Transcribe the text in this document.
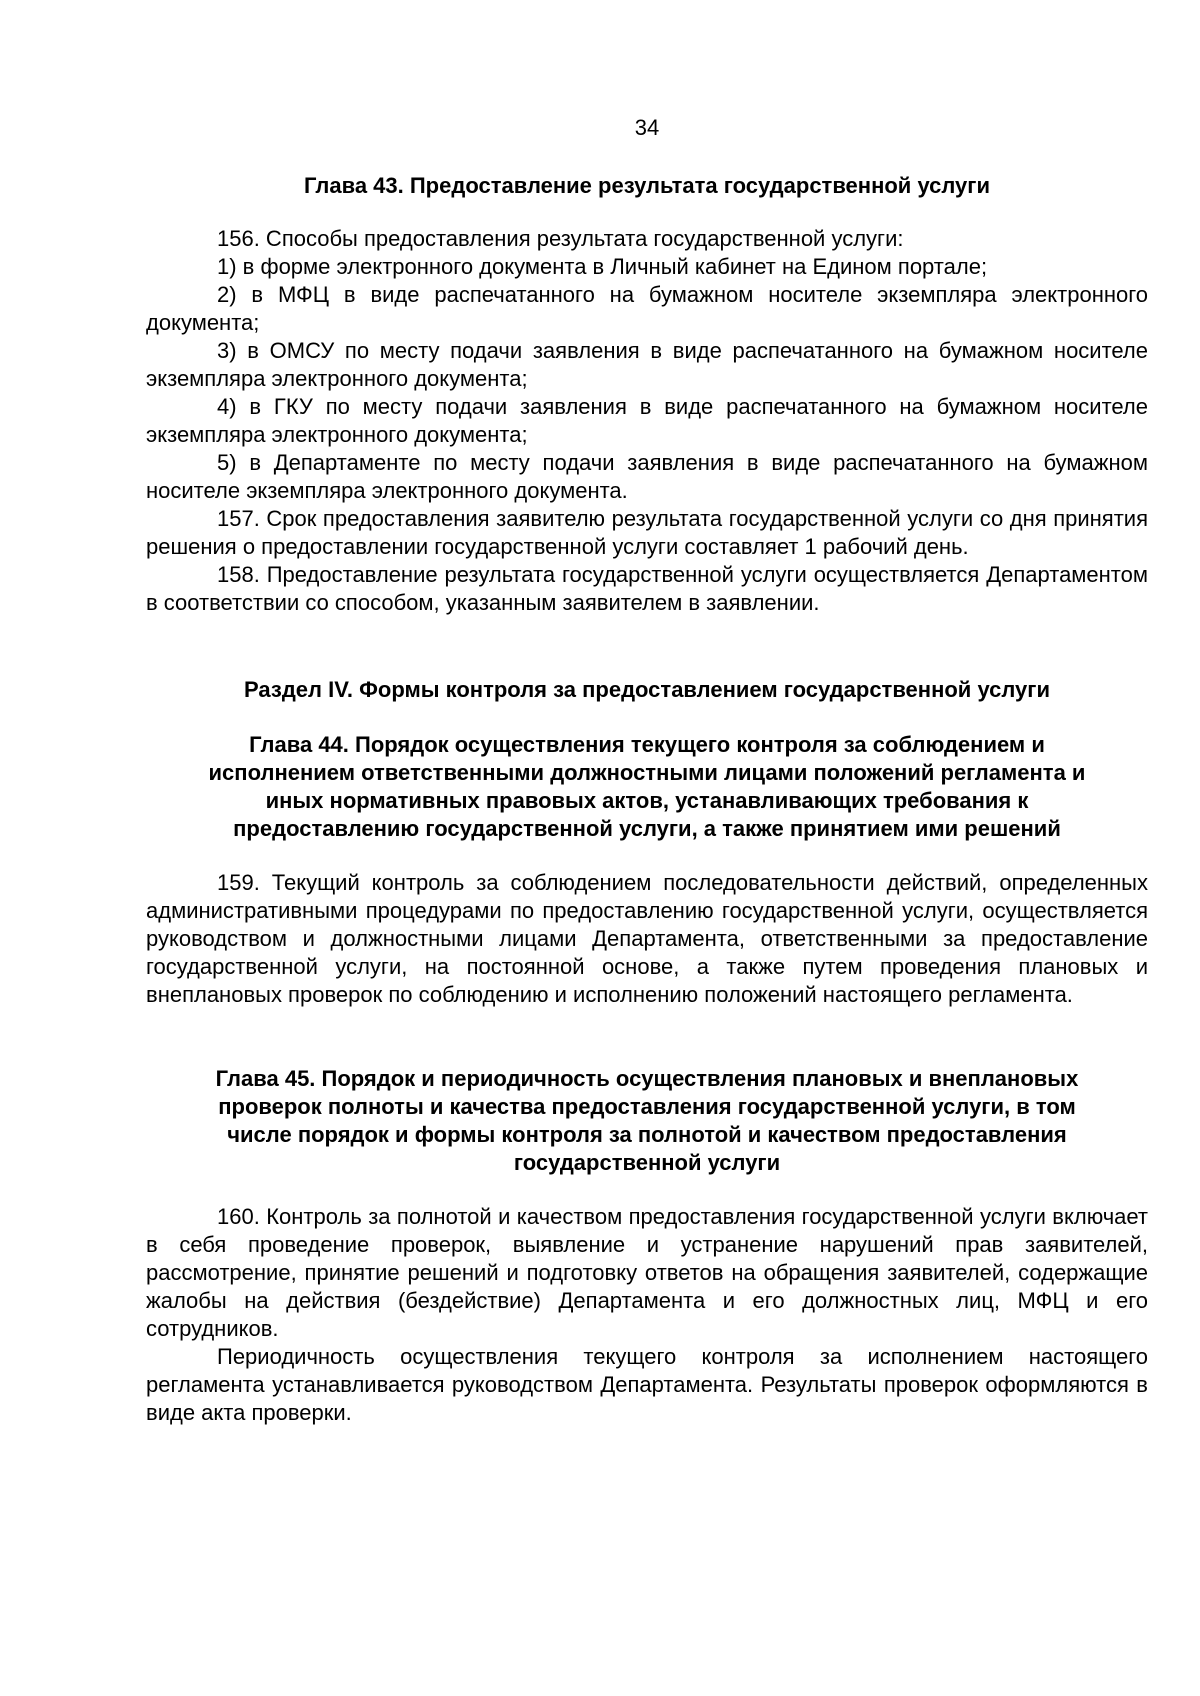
34
Глава 43. Предоставление результата государственной услуги

156. Способы предоставления результата государственной услуги:

1) в форме электронного документа в Личный кабинет на Едином портале;

2) в МФЦ в виде распечатанного на бумажном носителе экземпляра электронного документа;

3) в ОМСУ по месту подачи заявления в виде распечатанного на бумажном носителе экземпляра электронного документа;

4) в ГКУ по месту подачи заявления в виде распечатанного на бумажном носителе экземпляра электронного документа;

5) в Департаменте по месту подачи заявления в виде распечатанного на бумажном носителе экземпляра электронного документа.

157. Срок предоставления заявителю результата государственной услуги со дня принятия решения о предоставлении государственной услуги составляет 1 рабочий день.

158. Предоставление результата государственной услуги осуществляется Департаментом в соответствии со способом, указанным заявителем в заявлении.

Раздел IV. Формы контроля за предоставлением государственной услуги
Глава 44. Порядок осуществления текущего контроля за соблюдением и
исполнением ответственными должностными лицами положений регламента и
иных нормативных правовых актов, устанавливающих требования к
предоставлению государственной услуги, а также принятием ими решений

159. Текущий контроль за соблюдением последовательности действий, определенных административными процедурами по предоставлению государственной услуги, осуществляется руководством и должностными лицами Департамента, ответственными за предоставление государственной услуги, на постоянной основе, а также путем проведения плановых и внеплановых проверок по соблюдению и исполнению положений настоящего регламента.

Глава 45. Порядок и периодичность осуществления плановых и внеплановых
проверок полноты и качества предоставления государственной услуги, в том
числе порядок и формы контроля за полнотой и качеством предоставления
государственной услуги

160. Контроль за полнотой и качеством предоставления государственной услуги включает в себя проведение проверок, выявление и устранение нарушений прав заявителей, рассмотрение, принятие решений и подготовку ответов на обращения заявителей, содержащие жалобы на действия (бездействие) Департамента и его должностных лиц, МФЦ и его сотрудников.

Периодичность осуществления текущего контроля за исполнением настоящего регламента устанавливается руководством Департамента. Результаты проверок оформляются в виде акта проверки.
